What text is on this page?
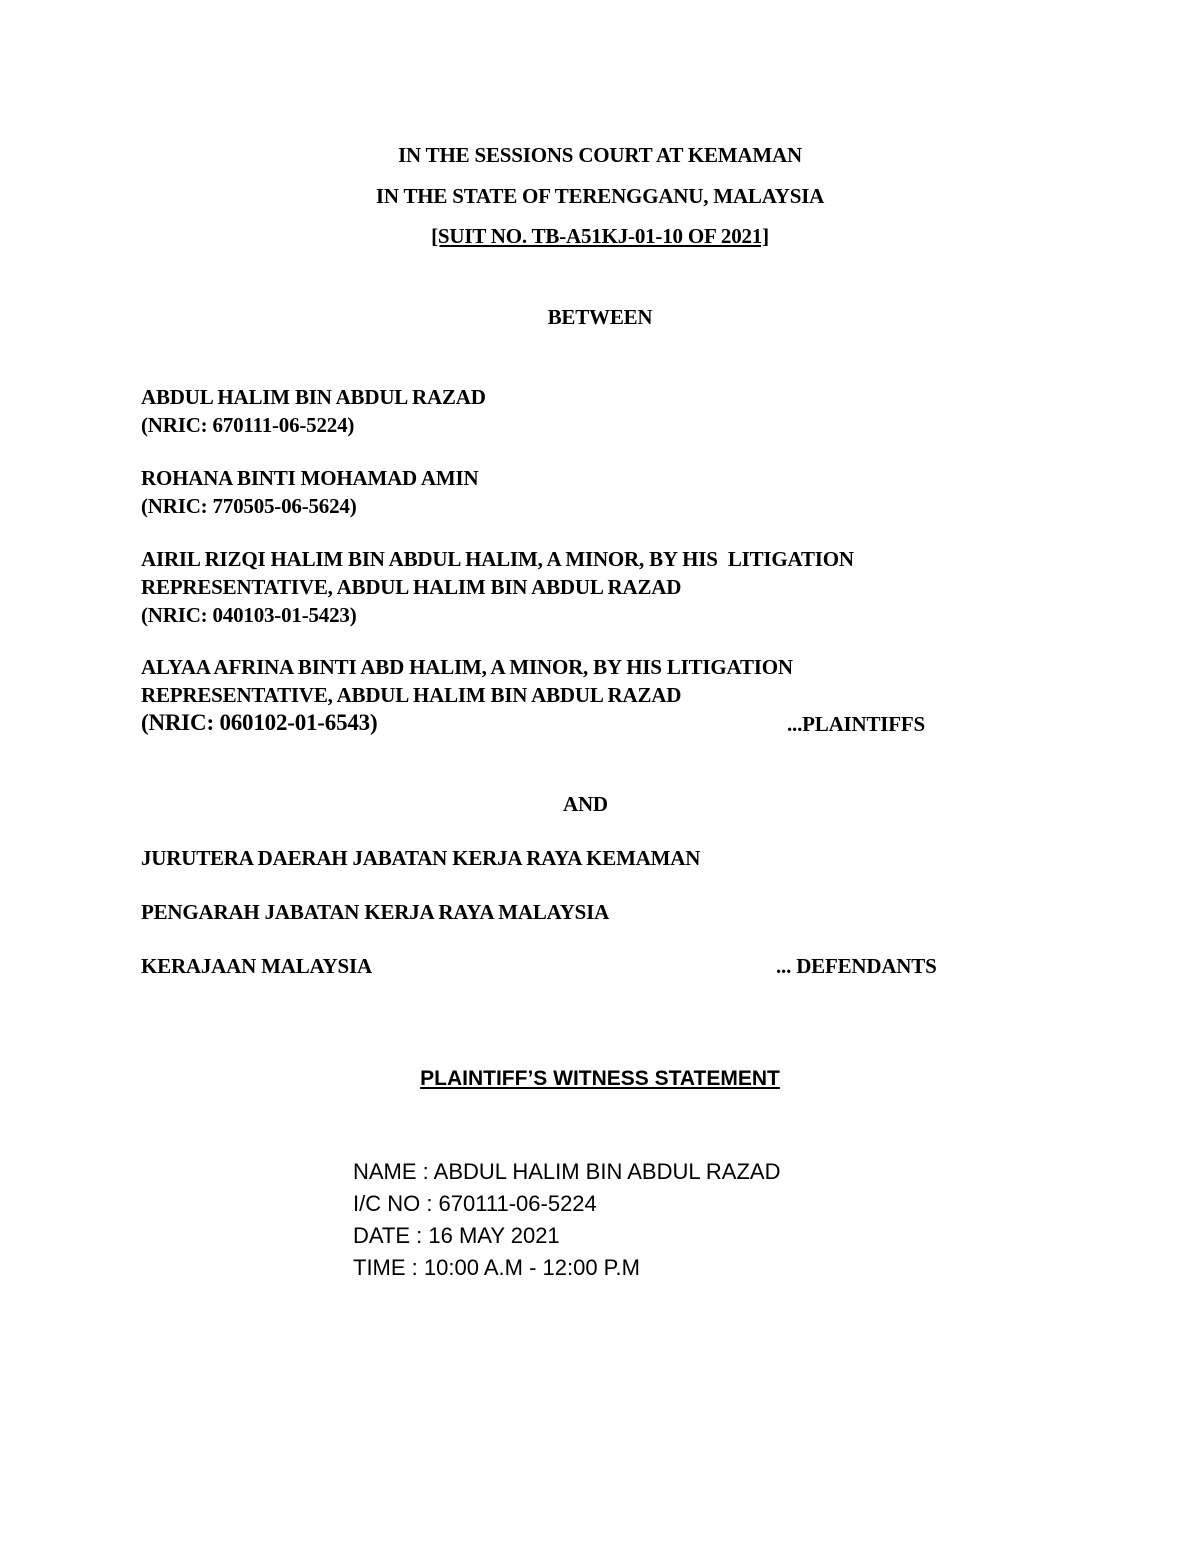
IN THE SESSIONS COURT AT KEMAMAN
IN THE STATE OF TERENGGANU, MALAYSIA
[SUIT NO. TB-A51KJ-01-10 OF 2021]
BETWEEN
ABDUL HALIM BIN ABDUL RAZAD
(NRIC: 670111-06-5224)
ROHANA BINTI MOHAMAD AMIN
(NRIC: 770505-06-5624)
AIRIL RIZQI HALIM BIN ABDUL HALIM, A MINOR, BY HIS  LITIGATION
REPRESENTATIVE, ABDUL HALIM BIN ABDUL RAZAD
(NRIC: 040103-01-5423)
ALYAA AFRINA BINTI ABD HALIM, A MINOR, BY HIS LITIGATION
REPRESENTATIVE, ABDUL HALIM BIN ABDUL RAZAD
(NRIC: 060102-01-6543)	...PLAINTIFFS
AND
JURUTERA DAERAH JABATAN KERJA RAYA KEMAMAN
PENGARAH JABATAN KERJA RAYA MALAYSIA
KERAJAAN MALAYSIA	... DEFENDANTS
PLAINTIFF’S WITNESS STATEMENT
NAME : ABDUL HALIM BIN ABDUL RAZAD
I/C NO : 670111-06-5224
DATE : 16 MAY 2021
TIME : 10:00 A.M - 12:00 P.M
